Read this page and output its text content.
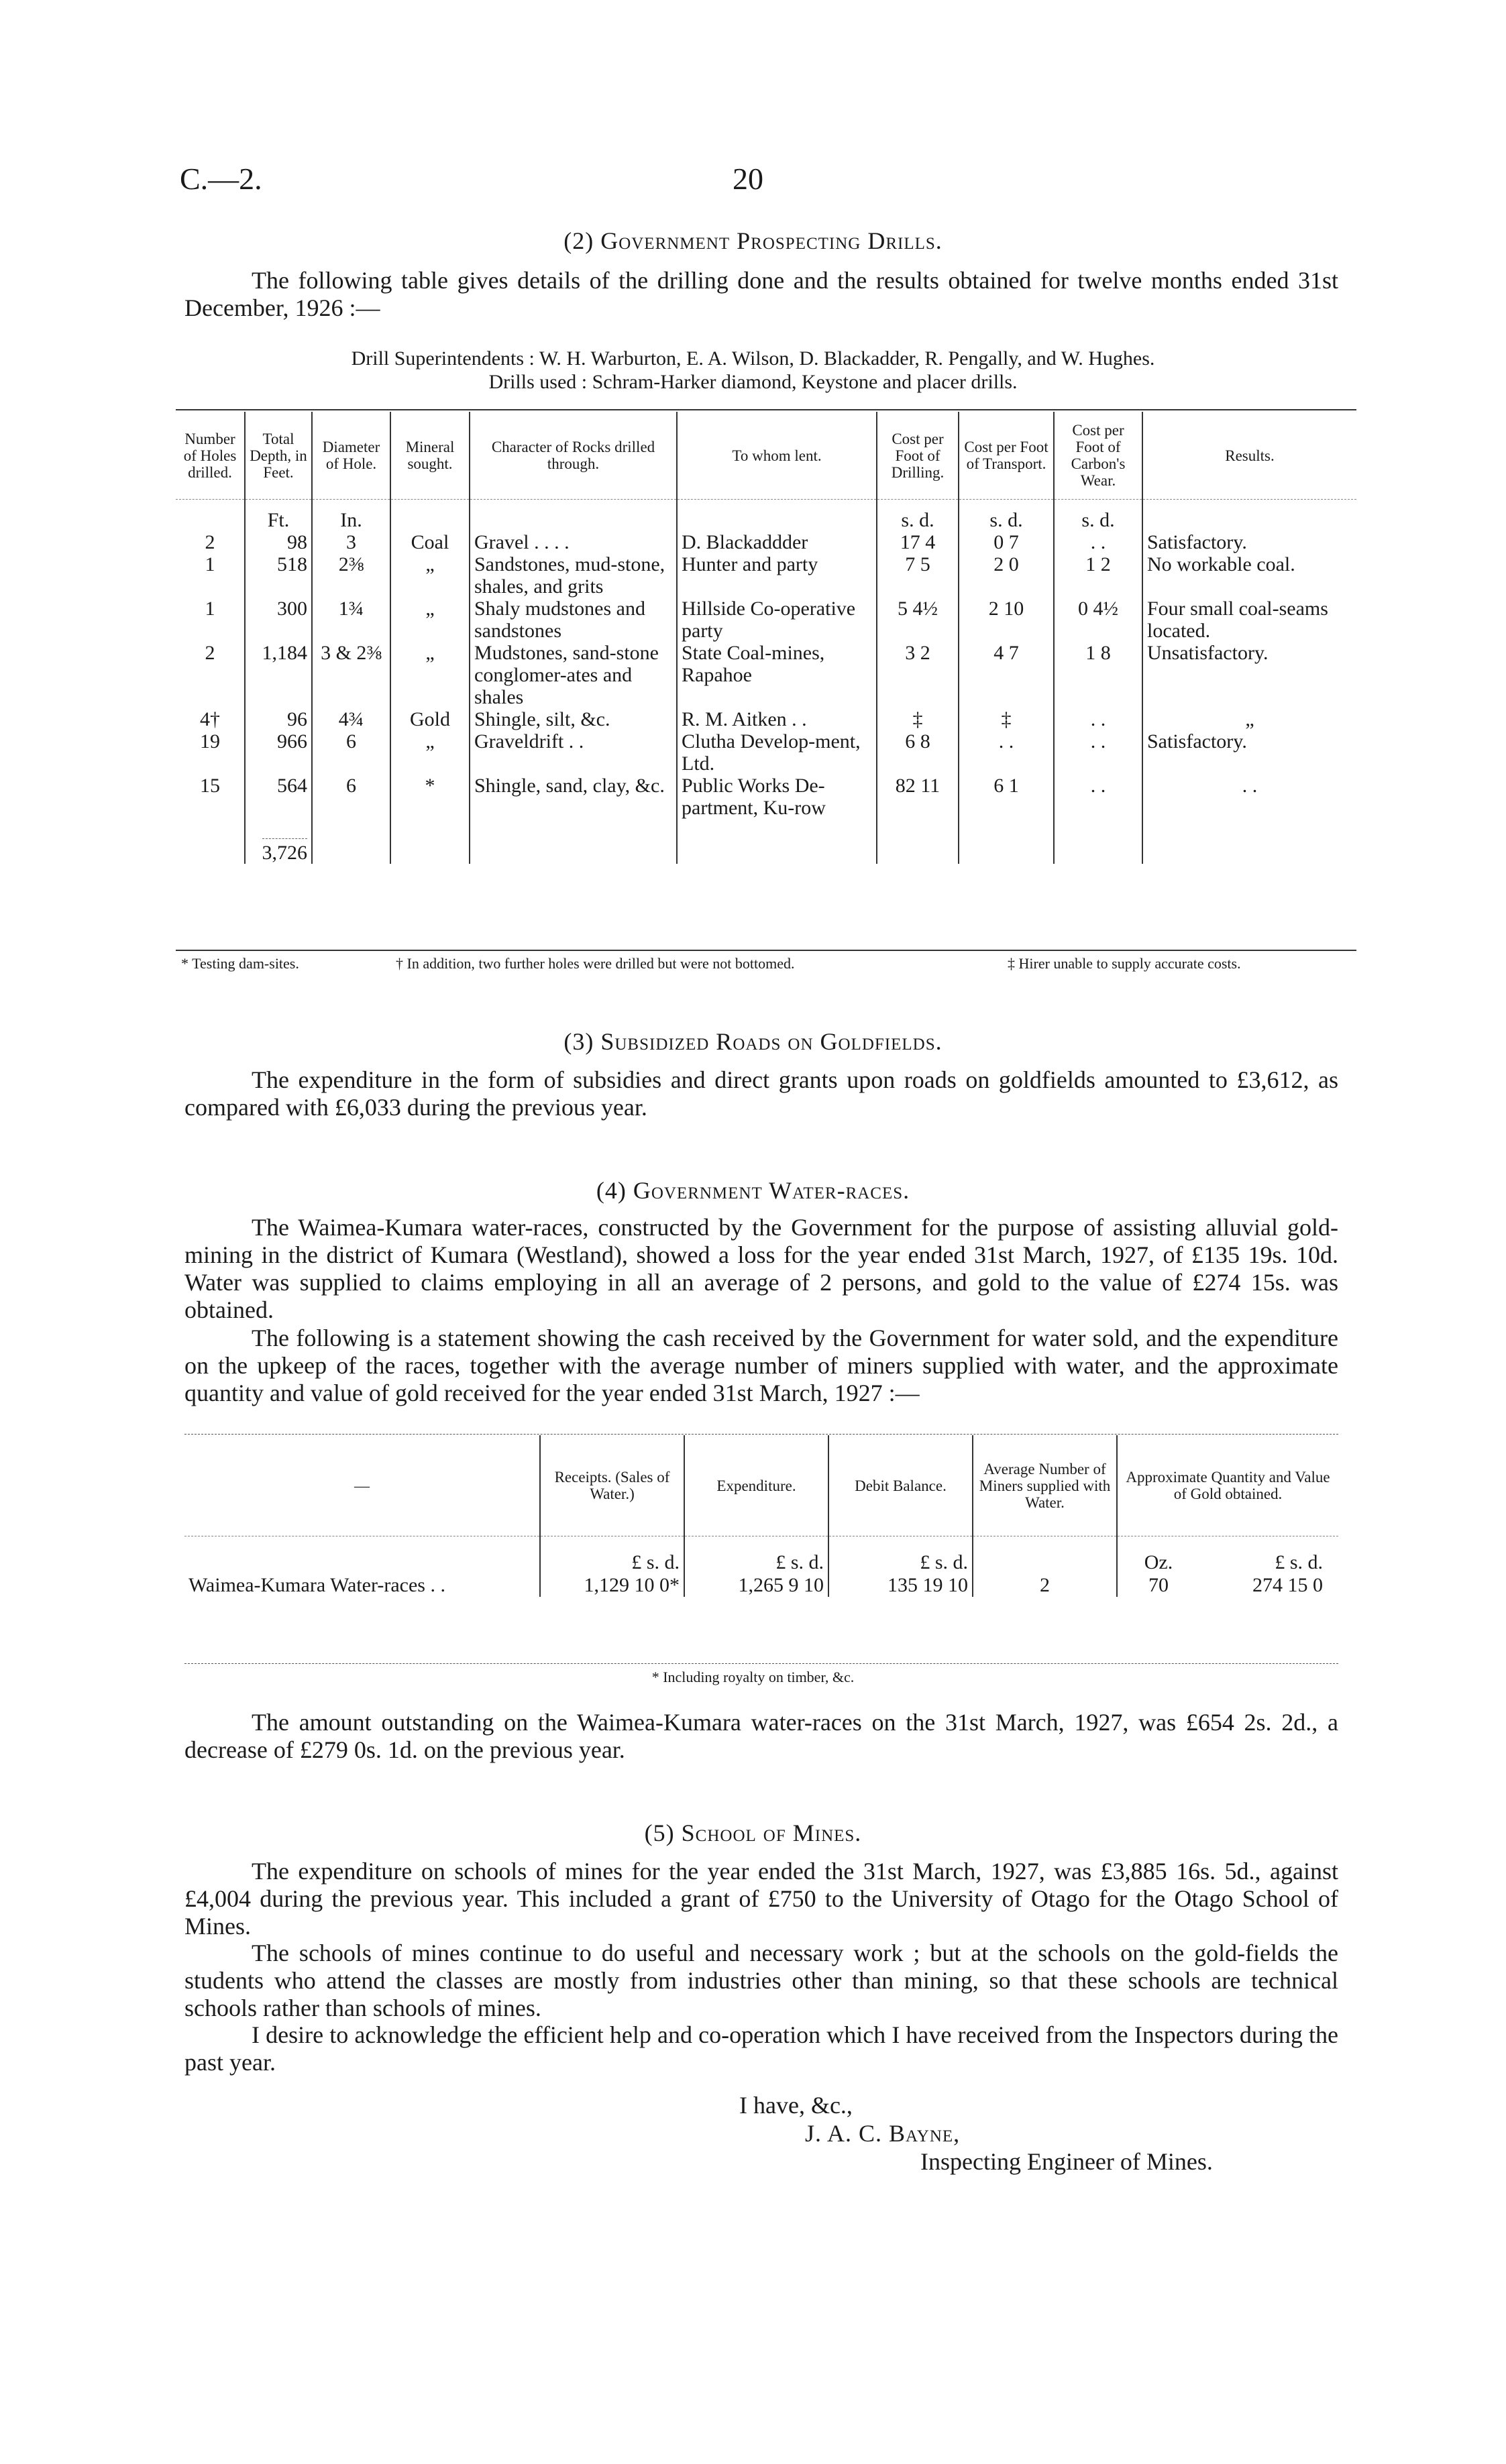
C.—2.	20
(2) Government Prospecting Drills.
The following table gives details of the drilling done and the results obtained for twelve months ended 31st December, 1926 :—
Drill Superintendents : W. H. Warburton, E. A. Wilson, D. Blackadder, R. Pengally, and W. Hughes.
Drills used : Schram-Harker diamond, Keystone and placer drills.
Number of Holes drilled.	Total Depth, in Feet.	Diameter of Hole.	Mineral sought.	Character of Rocks drilled through.	To whom lent.	Cost per Foot of Drilling.	Cost per Foot of Transport.	Cost per Foot of Carbon's Wear.	Results.
	Ft.	In.				s. d.	s. d.	s. d.	
2	98	3	Coal	Gravel . . . .	D. Blackaddder	17 4	0 7	. .	Satisfactory.
1	518	2⅜	„	Sandstones, mud-stone, shales, and grits	Hunter and party	7 5	2 0	1 2	No workable coal.
1	300	1¾	„	Shaly mudstones and sandstones	Hillside Co-operative party	5 4½	2 10	0 4½	Four small coal-seams located.
2	1,184	3 & 2⅜	„	Mudstones, sand-stone conglomer-ates and shales	State Coal-mines, Rapahoe	3 2	4 7	1 8	Unsatisfactory.
4†	96	4¾	Gold	Shingle, silt, &c.	R. M. Aitken . .	‡	‡	. .	„
19	966	6	„	Graveldrift . .	Clutha Develop-ment, Ltd.	6 8	. .	. .	Satisfactory.
15	564	6	*	Shingle, sand, clay, &c.	Public Works De-partment, Ku-row	82 11	6 1	. .	. .
	3,726								
* Testing dam-sites.	† In addition, two further holes were drilled but were not bottomed.	‡ Hirer unable to supply accurate costs.
(3) Subsidized Roads on Goldfields.
The expenditure in the form of subsidies and direct grants upon roads on goldfields amounted to £3,612, as compared with £6,033 during the previous year.
(4) Government Water-races.
The Waimea-Kumara water-races, constructed by the Government for the purpose of assisting alluvial gold-mining in the district of Kumara (Westland), showed a loss for the year ended 31st March, 1927, of £135 19s. 10d. Water was supplied to claims employing in all an average of 2 persons, and gold to the value of £274 15s. was obtained.
The following is a statement showing the cash received by the Government for water sold, and the expenditure on the upkeep of the races, together with the average number of miners supplied with water, and the approximate quantity and value of gold received for the year ended 31st March, 1927 :—
—	Receipts. (Sales of Water.)	Expenditure.	Debit Balance.	Average Number of Miners supplied with Water.	Approximate Quantity and Value of Gold obtained.
	£ s. d.	£ s. d.	£ s. d.		Oz. £ s. d.
Waimea-Kumara Water-races . .	1,129 10 0*	1,265 9 10	135 19 10	2	70 274 15 0
* Including royalty on timber, &c.
The amount outstanding on the Waimea-Kumara water-races on the 31st March, 1927, was £654 2s. 2d., a decrease of £279 0s. 1d. on the previous year.
(5) School of Mines.
The expenditure on schools of mines for the year ended the 31st March, 1927, was £3,885 16s. 5d., against £4,004 during the previous year. This included a grant of £750 to the University of Otago for the Otago School of Mines.
The schools of mines continue to do useful and necessary work ; but at the schools on the gold-fields the students who attend the classes are mostly from industries other than mining, so that these schools are technical schools rather than schools of mines.
I desire to acknowledge the efficient help and co-operation which I have received from the Inspectors during the past year.
I have, &c.,
J. A. C. Bayne,
Inspecting Engineer of Mines.
